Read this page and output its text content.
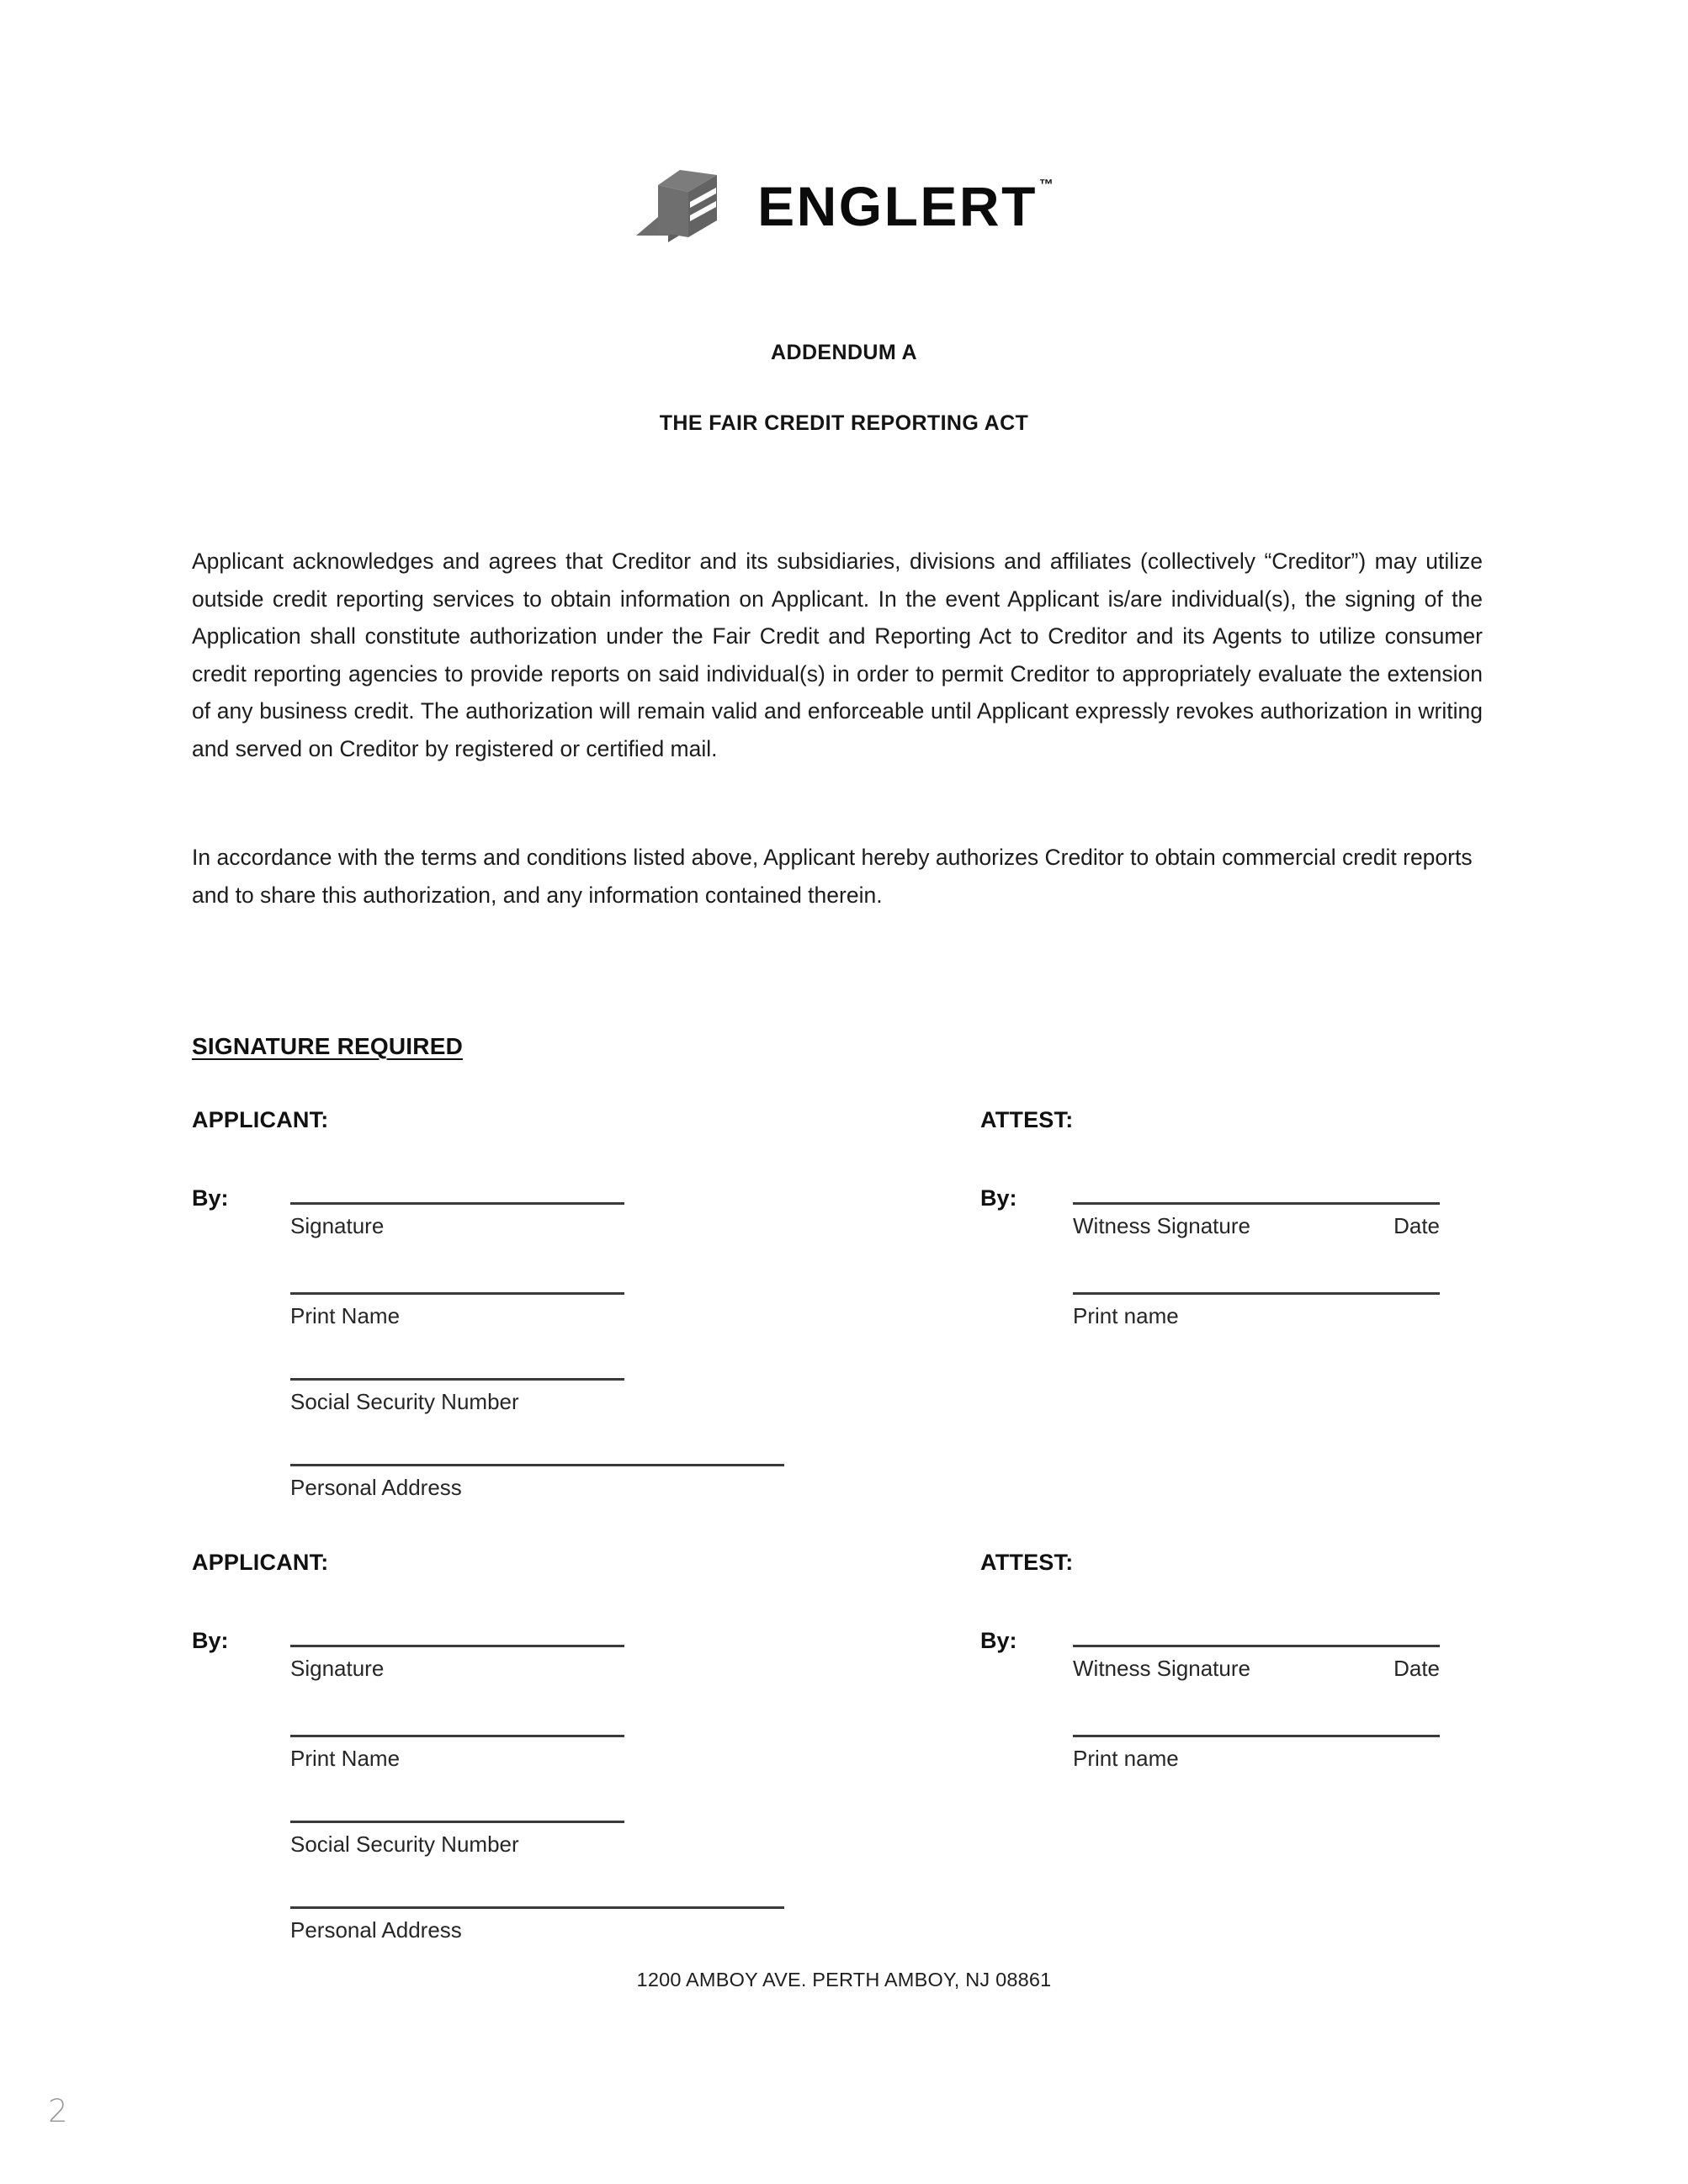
ENGLERT ™
ADDENDUM A
THE FAIR CREDIT REPORTING ACT
Applicant acknowledges and agrees that Creditor and its subsidiaries, divisions and affiliates (collectively “Creditor”) may utilize outside credit reporting services to obtain information on Applicant. In the event Applicant is/are individual(s), the signing of the Application shall constitute authorization under the Fair Credit and Reporting Act to Creditor and its Agents to utilize consumer credit reporting agencies to provide reports on said individual(s) in order to permit Creditor to appropriately evaluate the extension of any business credit. The authorization will remain valid and enforceable until Applicant expressly revokes authorization in writing and served on Creditor by registered or certified mail.
In accordance with the terms and conditions listed above, Applicant hereby authorizes Creditor to obtain commercial credit reports and to share this authorization, and any information contained therein.
SIGNATURE REQUIRED
APPLICANT:
By:
Signature
Print Name
Social Security Number
Personal Address
ATTEST:
By:
Witness Signature	Date
Print name
APPLICANT:
By:
Signature
Print Name
Social Security Number
Personal Address
ATTEST:
By:
Witness Signature	Date
Print name
1200 AMBOY AVE. PERTH AMBOY, NJ 08861
2
